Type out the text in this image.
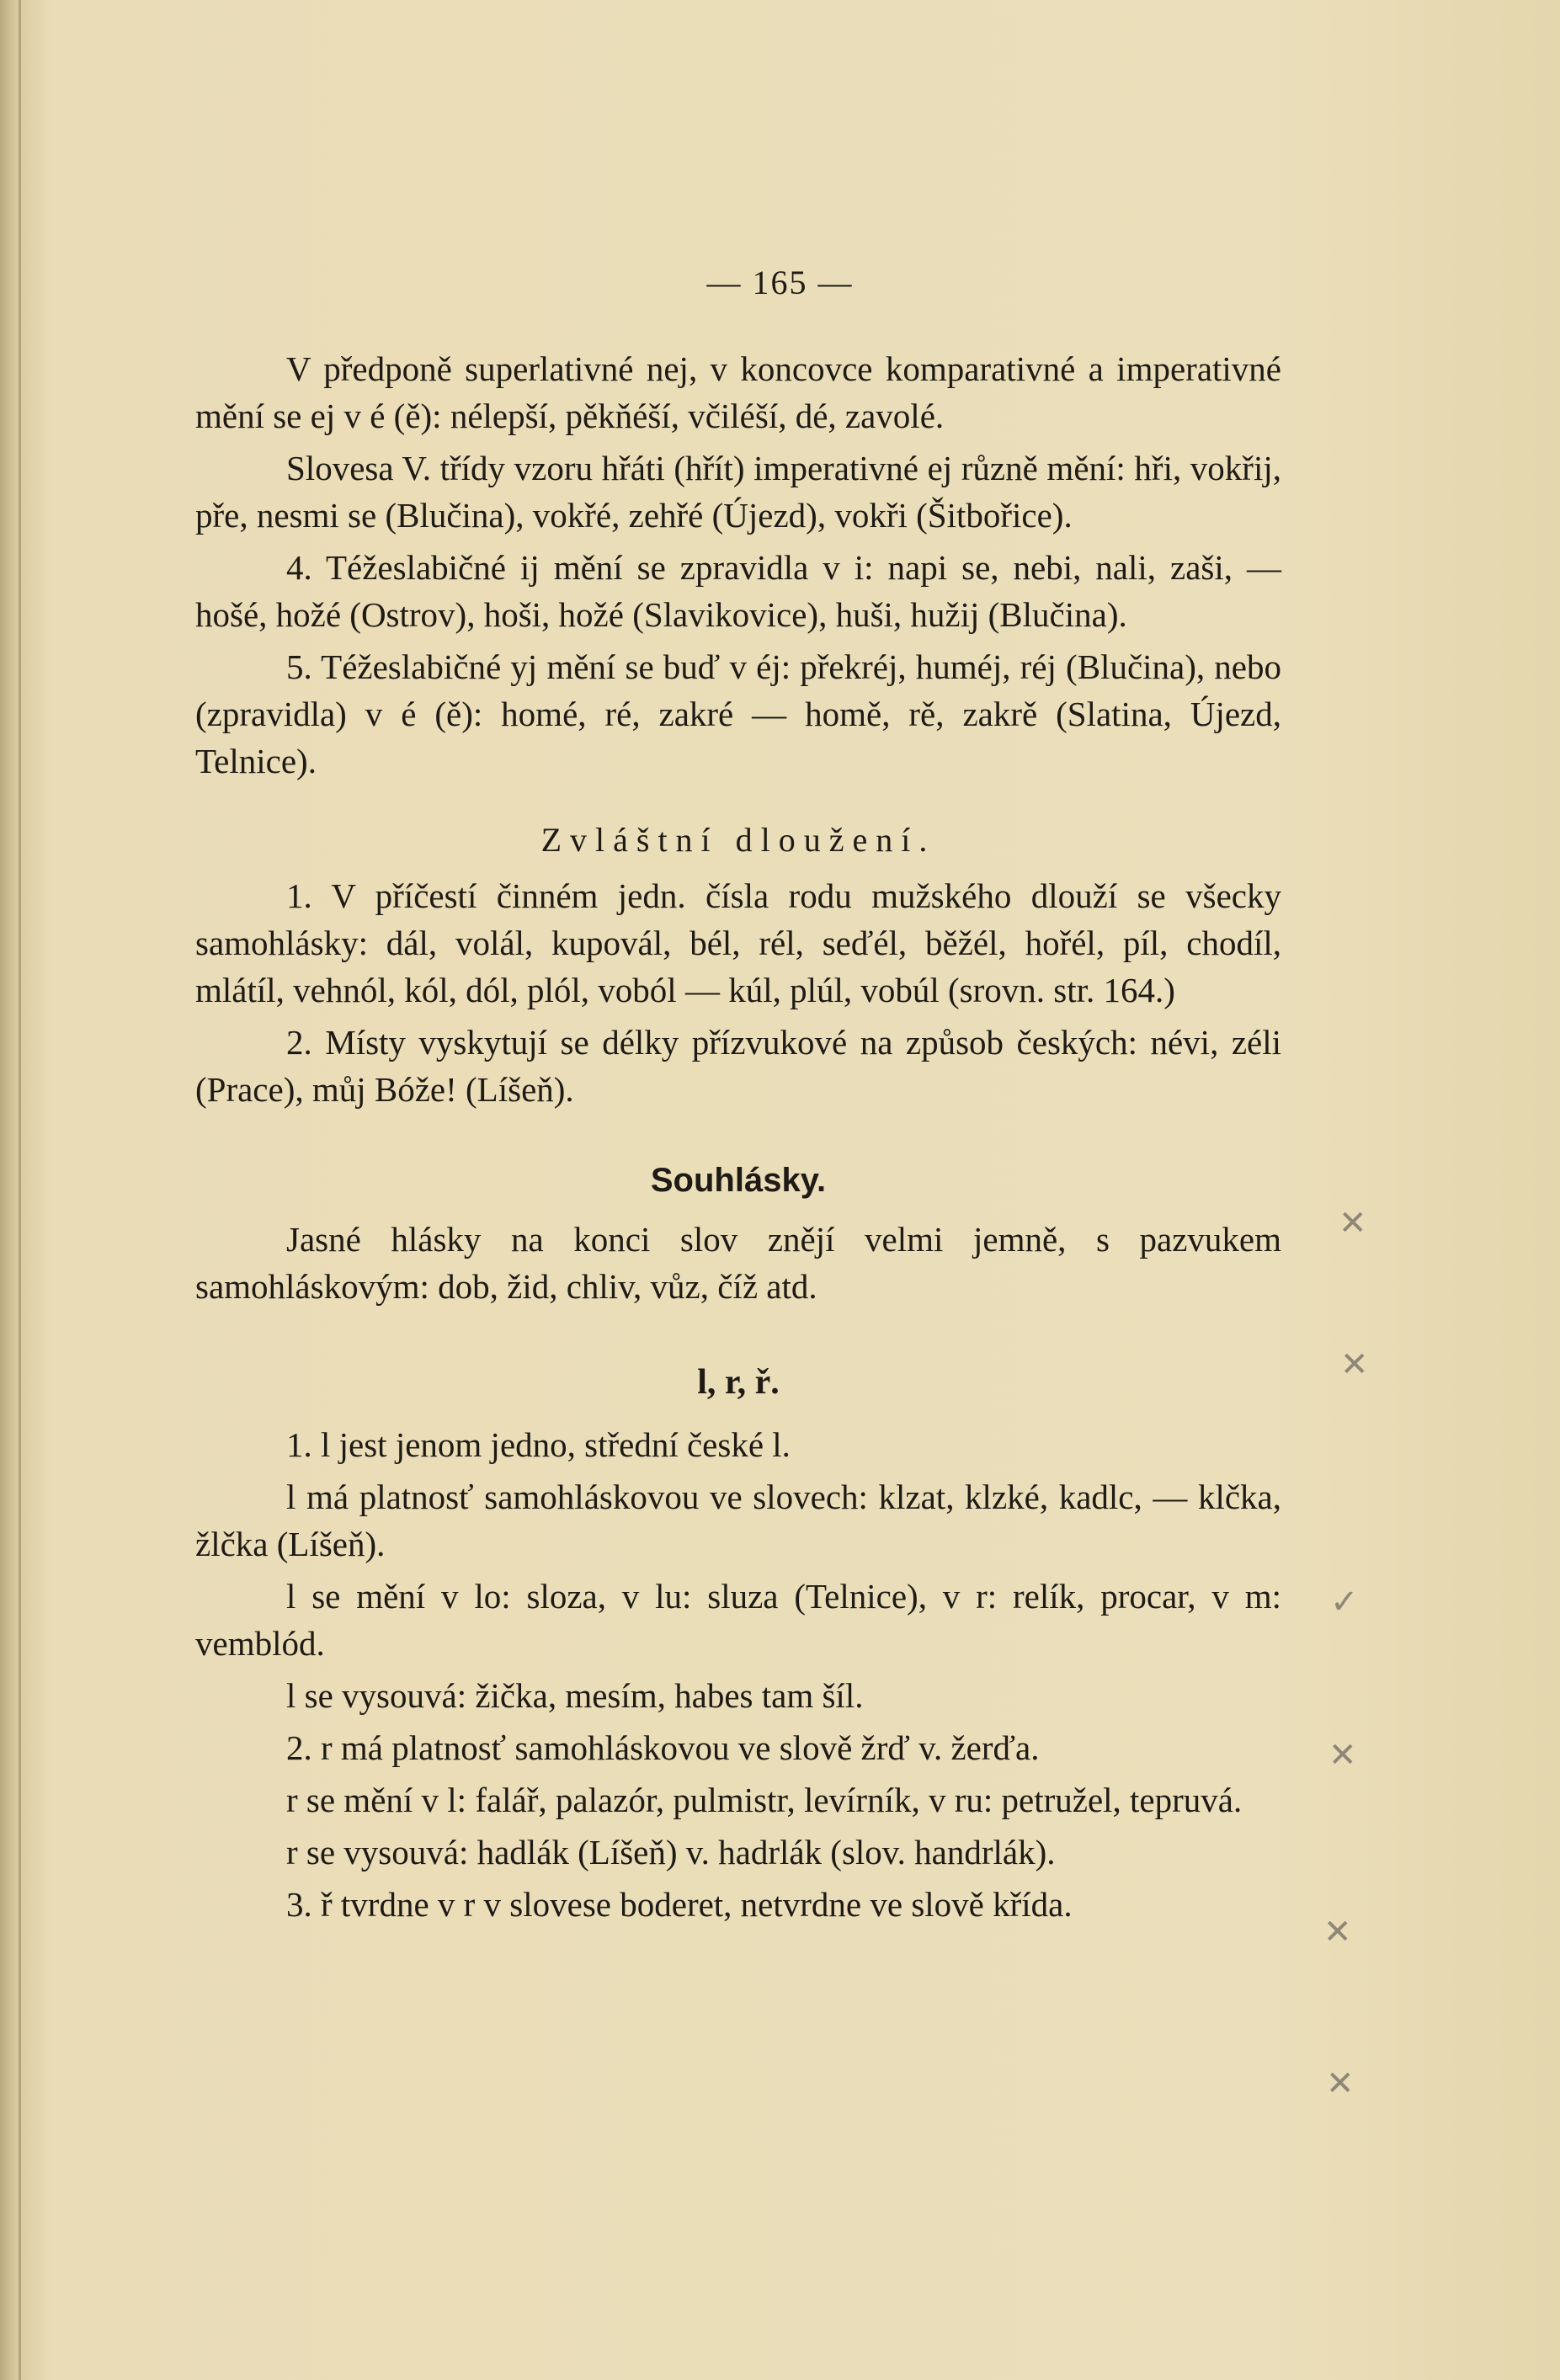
— 165 —

V předponě superlativné nej, v koncovce komparativné a imperativné mění se ej v é (ě): nélepší, pěkňéší, včiléší, dé, zavolé.

Slovesa V. třídy vzoru hřáti (hřít) imperativné ej různě mění: hři, vokřij, pře, nesmi se (Blučina), vokřé, zehřé (Újezd), vokři (Šitbořice).

4. Téžeslabičné ij mění se zpravidla v i: napi se, nebi, nali, zaši, — hošé, hožé (Ostrov), hoši, hožé (Slavikovice), huši, hužij (Blučina).

5. Téžeslabičné yj mění se buď v éj: překréj, huméj, réj (Blučina), nebo (zpravidla) v é (ě): homé, ré, zakré — homě, rě, zakrě (Slatina, Újezd, Telnice).

Zvláštní dloužení.

1. V příčestí činném jedn. čísla rodu mužského dlouží se všecky samohlásky: dál, volál, kupovál, bél, rél, seďél, běžél, hořél, píl, chodíl, mlátíl, vehnól, kól, dól, plól, voból — kúl, plúl, vobúl (srovn. str. 164.)

2. Místy vyskytují se délky přízvukové na způsob českých: névi, zéli (Prace), můj Bóže! (Líšeň).

Souhlásky.

Jasné hlásky na konci slov znějí velmi jemně, s pazvukem samohláskovým: dob, žid, chliv, vůz, číž atd.

l, r, ř.

1. l jest jenom jedno, střední české l.

l má platnosť samohláskovou ve slovech: klzat, klzké, kadlc, — klčka, žlčka (Líšeň).

l se mění v lo: sloza, v lu: sluza (Telnice), v r: relík, procar, v m: vemblód.

l se vysouvá: žička, mesím, habes tam šíl.

2. r má platnosť samohláskovou ve slově žrď v. žerďa.

r se mění v l: falář, palazór, pulmistr, levírník, v ru: petružel, tepruvá.

r se vysouvá: hadlák (Líšeň) v. hadrlák (slov. handrlák).

3. ř tvrdne v r v slovese boderet, netvrdne ve slově křída.

✕
✕
✓
✕
✕
✕
